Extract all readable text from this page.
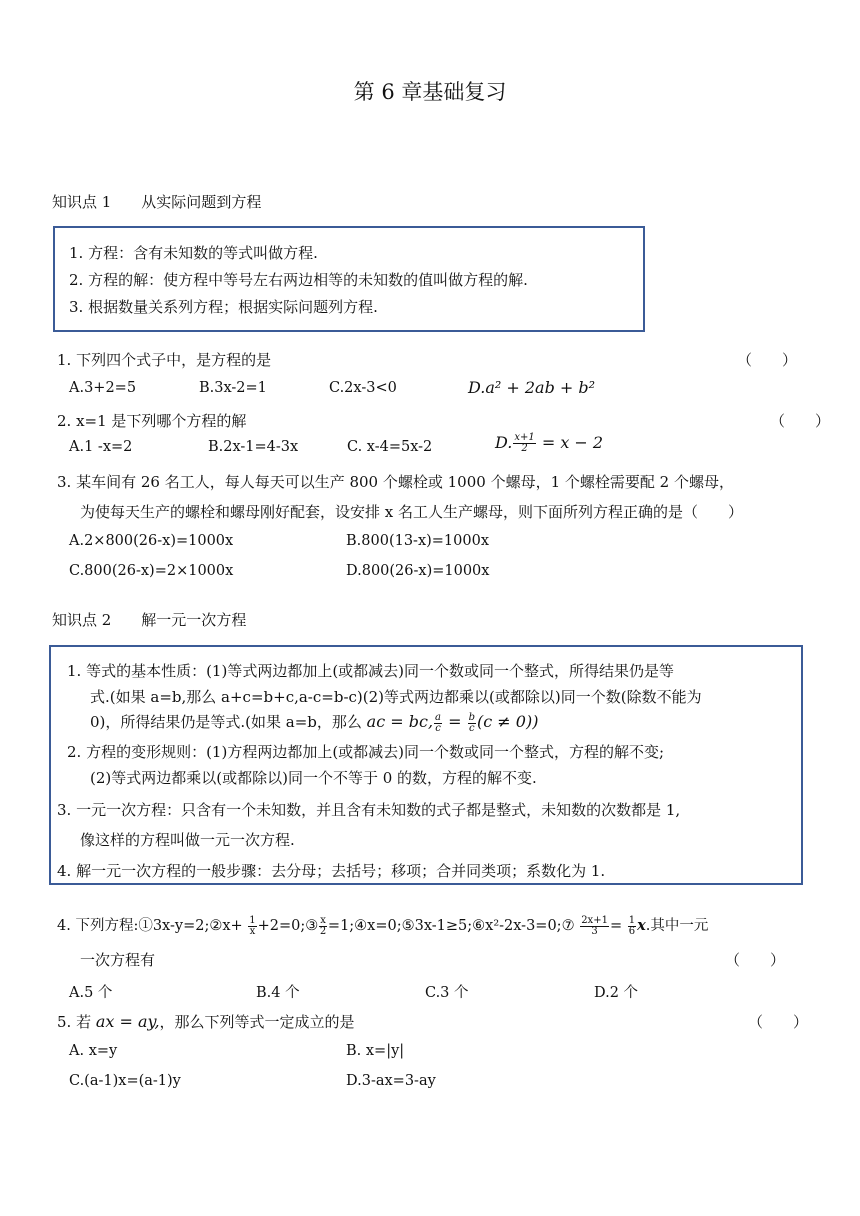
第 6 章基础复习
知识点 1　　从实际问题到方程
1. 方程：含有未知数的等式叫做方程.
2. 方程的解：使方程中等号左右两边相等的未知数的值叫做方程的解.
3. 根据数量关系列方程；根据实际问题列方程.
1. 下列四个式子中，是方程的是	（　　）
A.3+2=5	B.3x-2=1	C.2x-3<0	D.a² + 2ab + b²
2. x=1 是下列哪个方程的解	（　　）
A.1 -x=2	B.2x-1=4-3x	C. x-4=5x-2	D. $\frac{x+1}{2} = x - 2$
3. 某车间有 26 名工人，每人每天可以生产 800 个螺栓或 1000 个螺母，1 个螺栓需要配 2 个螺母，
为使每天生产的螺栓和螺母刚好配套，设安排 x 名工人生产螺母，则下面所列方程正确的是（　　）
A.2×800(26-x)=1000x	B.800(13-x)=1000x
C.800(26-x)=2×1000x	D.800(26-x)=1000x
知识点 2　　解一元一次方程
1. 等式的基本性质：(1)等式两边都加上(或都减去)同一个数或同一个整式，所得结果仍是等
式.(如果 a=b,那么 a+c=b+c,a-c=b-c)(2)等式两边都乘以(或都除以)同一个数(除数不能为
0)，所得结果仍是等式.(如果 a=b，那么 ac = bc, $\frac{a}{c} = \frac{b}{c} (c \ne 0)$)
2. 方程的变形规则：(1)方程两边都加上(或都减去)同一个数或同一个整式，方程的解不变;
(2)等式两边都乘以(或都除以)同一个不等于 0 的数，方程的解不变.
3. 一元一次方程：只含有一个未知数，并且含有未知数的式子都是整式，未知数的次数都是 1,
像这样的方程叫做一元一次方程.
4. 解一元一次方程的一般步骤：去分母；去括号；移项；合并同类项；系数化为 1.
4. 下列方程:①3x-y=2;②x+ $\frac{1}{x}$ +2=0;③ $\frac{x}{2}$ =1;④x=0;⑤3x-1≥5;⑥x²-2x-3=0;⑦ $\frac{2x+1}{3} = \frac{1}{6} x$.其中一元
一次方程有	（　　）
A.5 个	B.4 个	C.3 个	D.2 个
5. 若 ax = ay,，那么下列等式一定成立的是	（　　）
A. x=y	B. x=|y|
C.(a-1)x=(a-1)y	D.3-ax=3-ay
